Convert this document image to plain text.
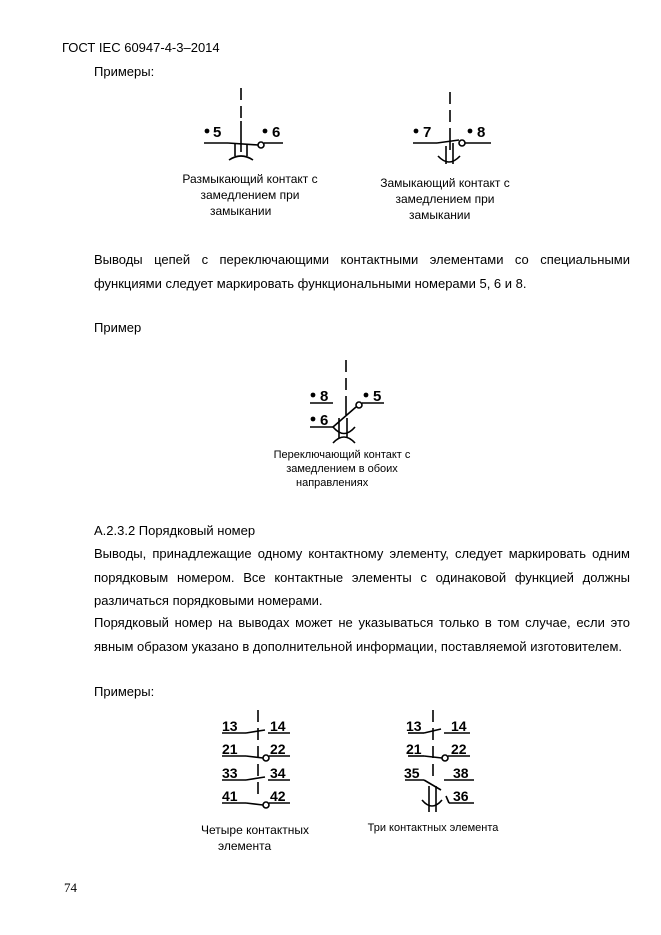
ГОСТ IEC 60947-4-3–2014
Примеры:
5	6	7	8
8
6
5
13 14
21 22
33 34
41 42
13 14
21 22
35 38
36
Размыкающий контакт с
замедлением при
замыкании
Замыкающий контакт с
замедлением при
замыкании
Выводы цепей с переключающими контактными элементами со специальными функциями следует маркировать функциональными номерами 5, 6 и 8.
Пример
Переключающий контакт с
замедлением в обоих
направлениях
А.2.3.2 Порядковый номер
Выводы, принадлежащие одному контактному элементу, следует маркировать одним порядковым номером. Все контактные элементы с одинаковой функцией должны различаться порядковыми номерами.
Порядковый номер на выводах может не указываться только в том случае, если это явным образом указано в дополнительной информации, поставляемой изготовителем.
Примеры:
Четыре контактных
элемента
Три контактных элемента
74
